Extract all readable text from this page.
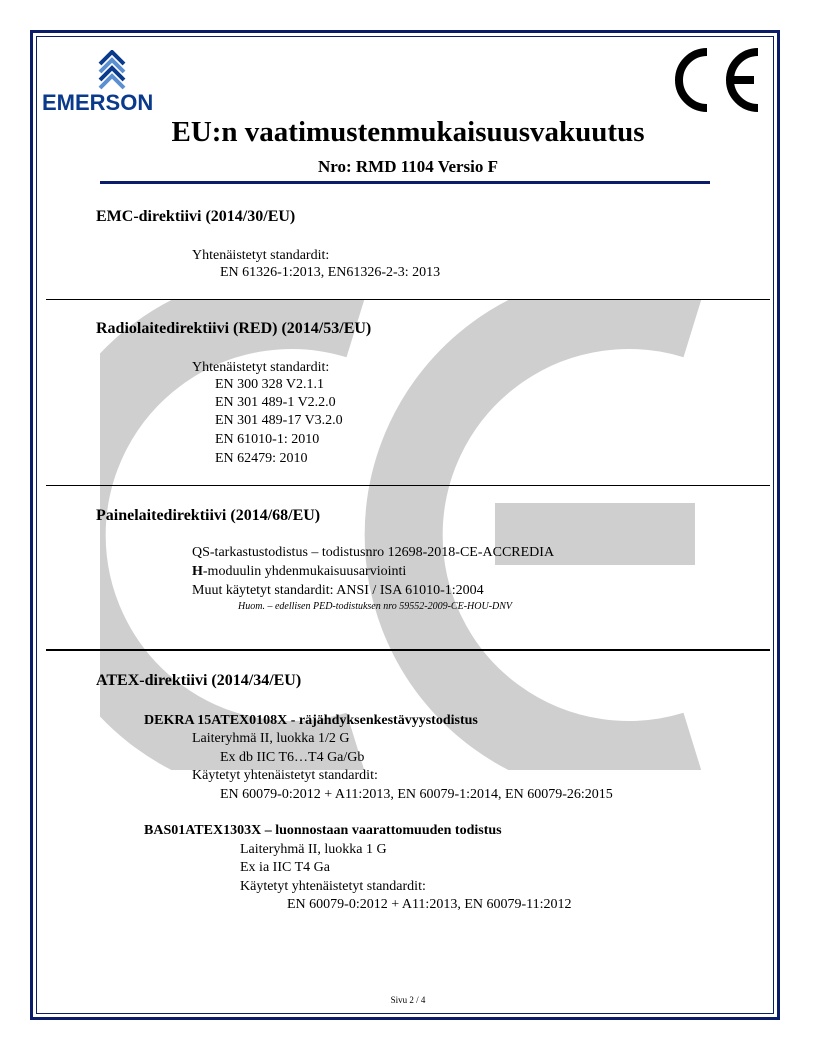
EMERSON
EU:n vaatimustenmukaisuusvakuutus
Nro: RMD 1104 Versio F
EMC-direktiivi (2014/30/EU)
Yhtenäistetyt standardit:
EN 61326-1:2013, EN61326-2-3: 2013
Radiolaitedirektiivi (RED) (2014/53/EU)
Yhtenäistetyt standardit:
EN 300 328 V2.1.1
EN 301 489-1 V2.2.0
EN 301 489-17 V3.2.0
EN 61010-1: 2010
EN 62479: 2010
Painelaitedirektiivi (2014/68/EU)
QS-tarkastustodistus – todistusnro 12698-2018-CE-ACCREDIA
H-moduulin yhdenmukaisuusarviointi
Muut käytetyt standardit: ANSI / ISA 61010-1:2004
Huom. – edellisen PED-todistuksen nro 59552-2009-CE-HOU-DNV
ATEX-direktiivi (2014/34/EU)
DEKRA 15ATEX0108X - räjähdyksenkestävyystodistus
Laiteryhmä II, luokka 1/2 G
Ex db IIC T6…T4 Ga/Gb
Käytetyt yhtenäistetyt standardit:
EN 60079-0:2012 + A11:2013, EN 60079-1:2014, EN 60079-26:2015
BAS01ATEX1303X – luonnostaan vaarattomuuden todistus
Laiteryhmä II, luokka 1 G
Ex ia IIC T4 Ga
Käytetyt yhtenäistetyt standardit:
EN 60079-0:2012 + A11:2013, EN 60079-11:2012
Sivu 2 / 4
